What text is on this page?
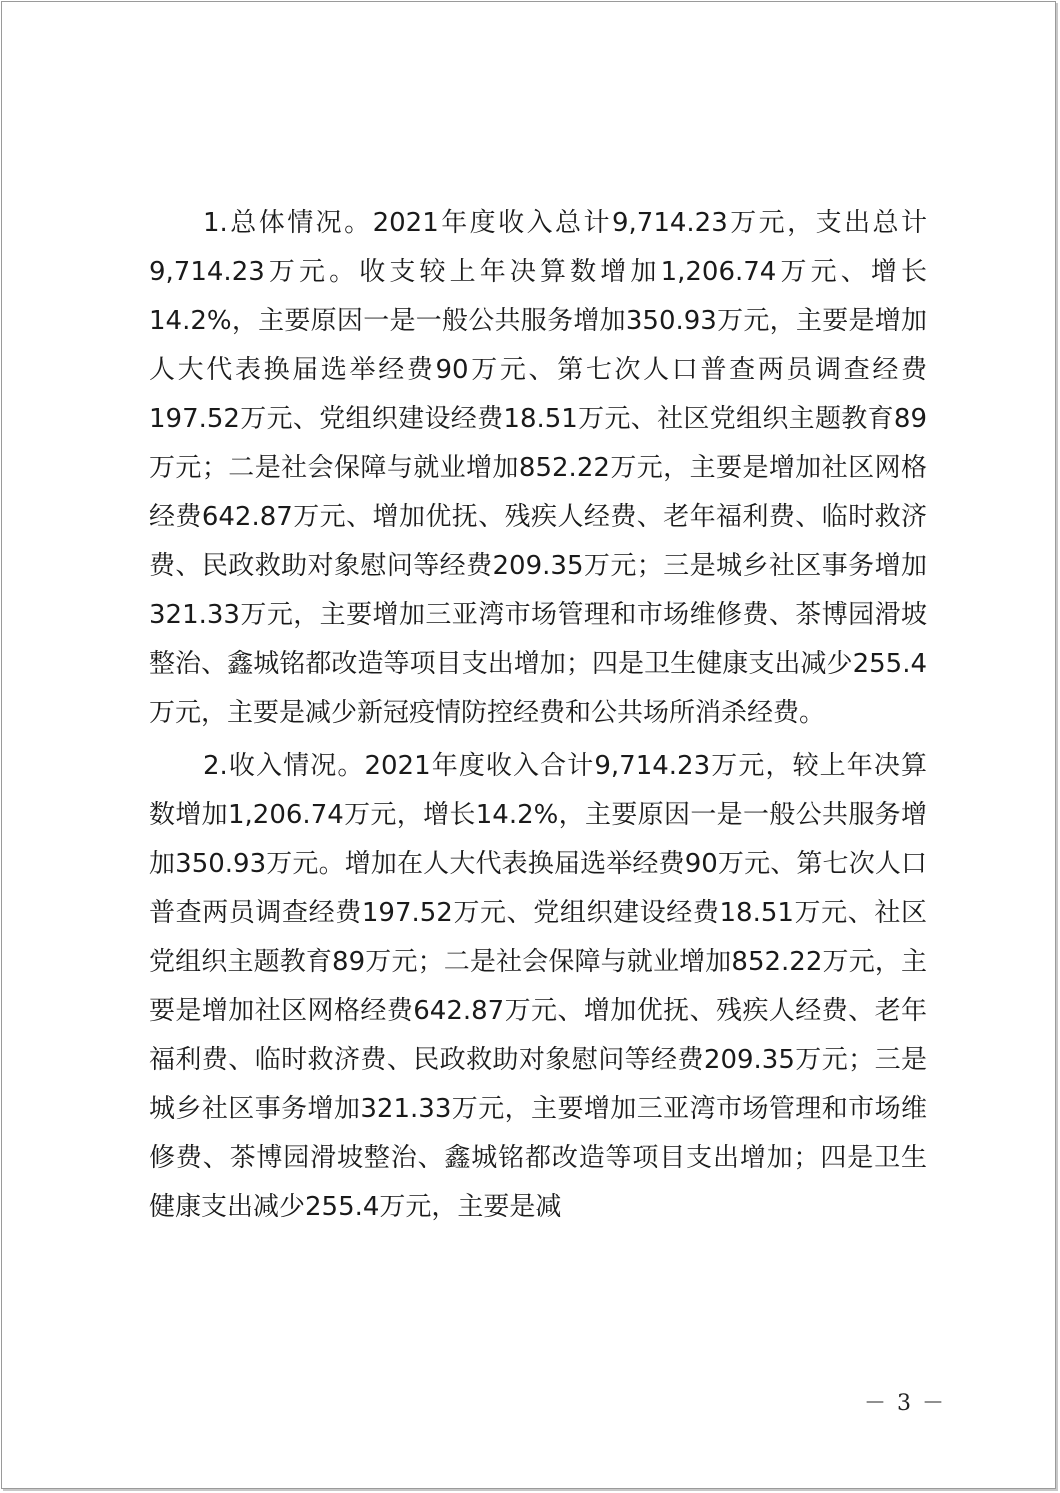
1.总体情况。2021年度收入总计9,714.23万元，支出总计9,714.23万元。收支较上年决算数增加1,206.74万元、增长14.2%，主要原因一是一般公共服务增加350.93万元，主要是增加人大代表换届选举经费90万元、第七次人口普查两员调查经费197.52万元、党组织建设经费18.51万元、社区党组织主题教育89万元；二是社会保障与就业增加852.22万元，主要是增加社区网格经费642.87万元、增加优抚、残疾人经费、老年福利费、临时救济费、民政救助对象慰问等经费209.35万元；三是城乡社区事务增加321.33万元，主要增加三亚湾市场管理和市场维修费、茶博园滑坡整治、鑫城铭都改造等项目支出增加；四是卫生健康支出减少255.4万元，主要是减少新冠疫情防控经费和公共场所消杀经费。

2.收入情况。2021年度收入合计9,714.23万元，较上年决算数增加1,206.74万元，增长14.2%，主要原因一是一般公共服务增加350.93万元。增加在人大代表换届选举经费90万元、第七次人口普查两员调查经费197.52万元、党组织建设经费18.51万元、社区党组织主题教育89万元；二是社会保障与就业增加852.22万元，主要是增加社区网格经费642.87万元、增加优抚、残疾人经费、老年福利费、临时救济费、民政救助对象慰问等经费209.35万元；三是城乡社区事务增加321.33万元，主要增加三亚湾市场管理和市场维修费、茶博园滑坡整治、鑫城铭都改造等项目支出增加；四是卫生健康支出减少255.4万元，主要是减

－ 3 －
